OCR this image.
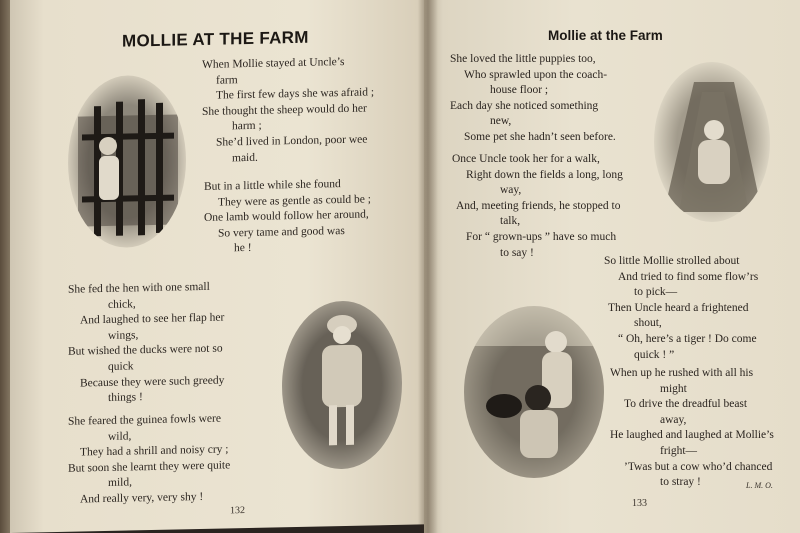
MOLLIE AT THE FARM
When Mollie stayed at Uncle’s
farm
The first few days she was afraid ;
She thought the sheep would do her
harm ;
She’d lived in London, poor wee
maid.
But in a little while she found
They were as gentle as could be ;
One lamb would follow her around,
So very tame and good was
he !
She fed the hen with one small
chick,
And laughed to see her flap her
wings,
But wished the ducks were not so
quick
Because they were such greedy
things !
She feared the guinea fowls were
wild,
They had a shrill and noisy cry ;
But soon she learnt they were quite
mild,
And really very, very shy !
132
Mollie at the Farm
She loved the little puppies too,
Who sprawled upon the coach-
house floor ;
Each day she noticed something
new,
Some pet she hadn’t seen before.
Once Uncle took her for a walk,
Right down the fields a long, long
way,
And, meeting friends, he stopped to
talk,
For “ grown-ups ” have so much
to say !
So little Mollie strolled about
And tried to find some flow’rs
to pick—
Then Uncle heard a frightened
shout,
“ Oh, here’s a tiger ! Do come
quick ! ”
When up he rushed with all his
might
To drive the dreadful beast
away,
He laughed and laughed at Mollie’s
fright—
’Twas but a cow who’d chanced
to stray !	L. M. O.
133
